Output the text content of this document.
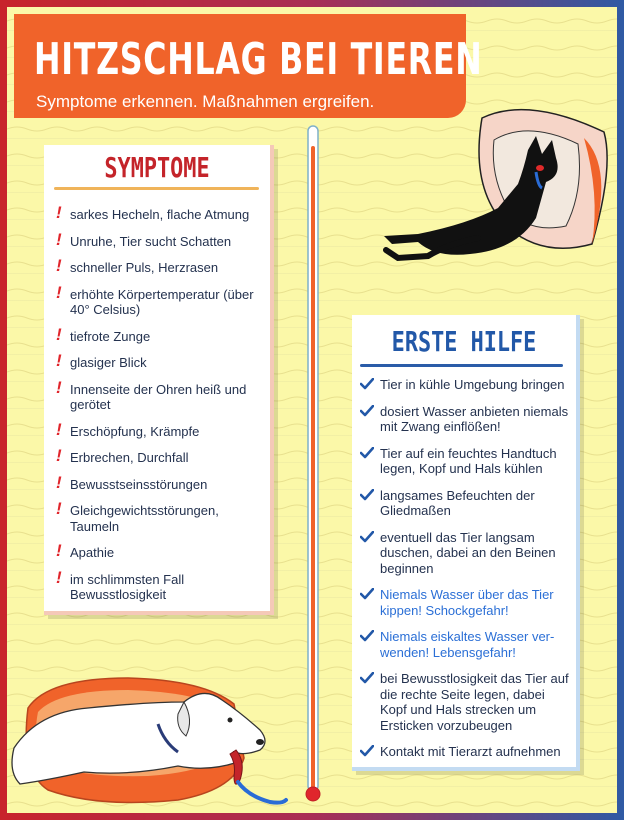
HITZSCHLAG BEI TIEREN
Symptome erkennen. Maßnahmen ergreifen.
SYMPTOME
! sarkes Hecheln, flache Atmung
! Unruhe, Tier sucht Schatten
! schneller Puls, Herzrasen
! erhöhte Körpertemperatur (über 40° Celsius)
! tiefrote Zunge
! glasiger Blick
! Innenseite der Ohren heiß und gerötet
! Erschöpfung, Krämpfe
! Erbrechen, Durchfall
! Bewusstseinsstörungen
! Gleichgewichtsstörungen, Taumeln
! Apathie
! im schlimmsten Fall Bewusstlosigkeit
ERSTE HILFE
Tier in kühle Umgebung bringen
dosiert Wasser anbieten niemals mit Zwang einflößen!
Tier auf ein feuchtes Handtuch legen, Kopf und Hals kühlen
langsames Befeuchten der Gliedmaßen
eventuell das Tier langsam duschen, dabei an den Beinen beginnen
Niemals Wasser über das Tier kippen! Schockgefahr!
Niemals eiskaltes Wasser ver-wenden! Lebensgefahr!
bei Bewusstlosigkeit das Tier auf die rechte Seite legen, dabei Kopf und Hals strecken um Ersticken vorzubeugen
Kontakt mit Tierarzt aufnehmen
